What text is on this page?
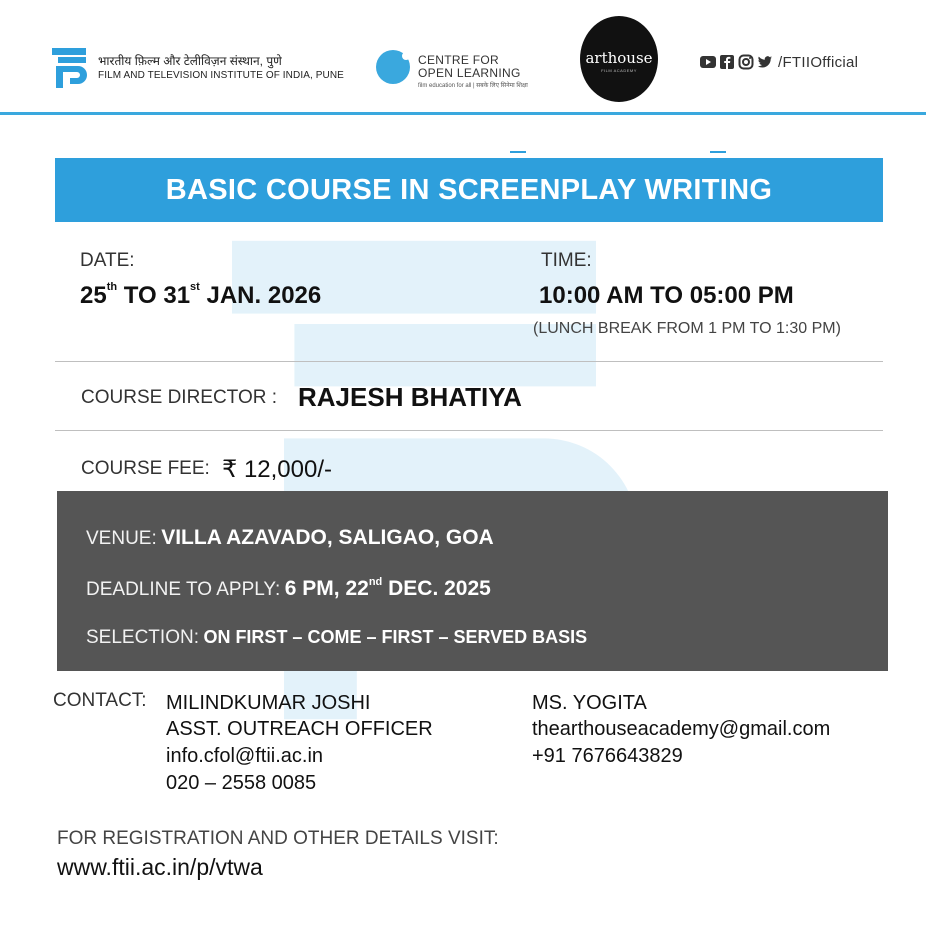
भारतीय फ़िल्म और टेलीविज़न संस्थान, पुणे
FILM AND TELEVISION INSTITUTE OF INDIA, PUNE
CENTRE FOR
OPEN LEARNING
film education for all | सबके लिए सिनेमा शिक्षा
arthouse
FILM ACADEMY	/FTIIOfficial
BASIC COURSE IN SCREENPLAY WRITING
DATE:
25th TO 31st JAN. 2026
TIME:
10:00 AM TO 05:00 PM
(LUNCH BREAK FROM 1 PM TO 1:30 PM)
COURSE DIRECTOR : RAJESH BHATIYA
COURSE FEE: ₹ 12,000/-
VENUE: VILLA AZAVADO, SALIGAO, GOA
DEADLINE TO APPLY: 6 PM, 22nd DEC. 2025
SELECTION: ON FIRST – COME – FIRST – SERVED BASIS
CONTACT: MILINDKUMAR JOSHI
ASST. OUTREACH OFFICER
info.cfol@ftii.ac.in
020 – 2558 0085
MS. YOGITA
thearthouseacademy@gmail.com
+91 7676643829
FOR REGISTRATION AND OTHER DETAILS VISIT:
www.ftii.ac.in/p/vtwa
